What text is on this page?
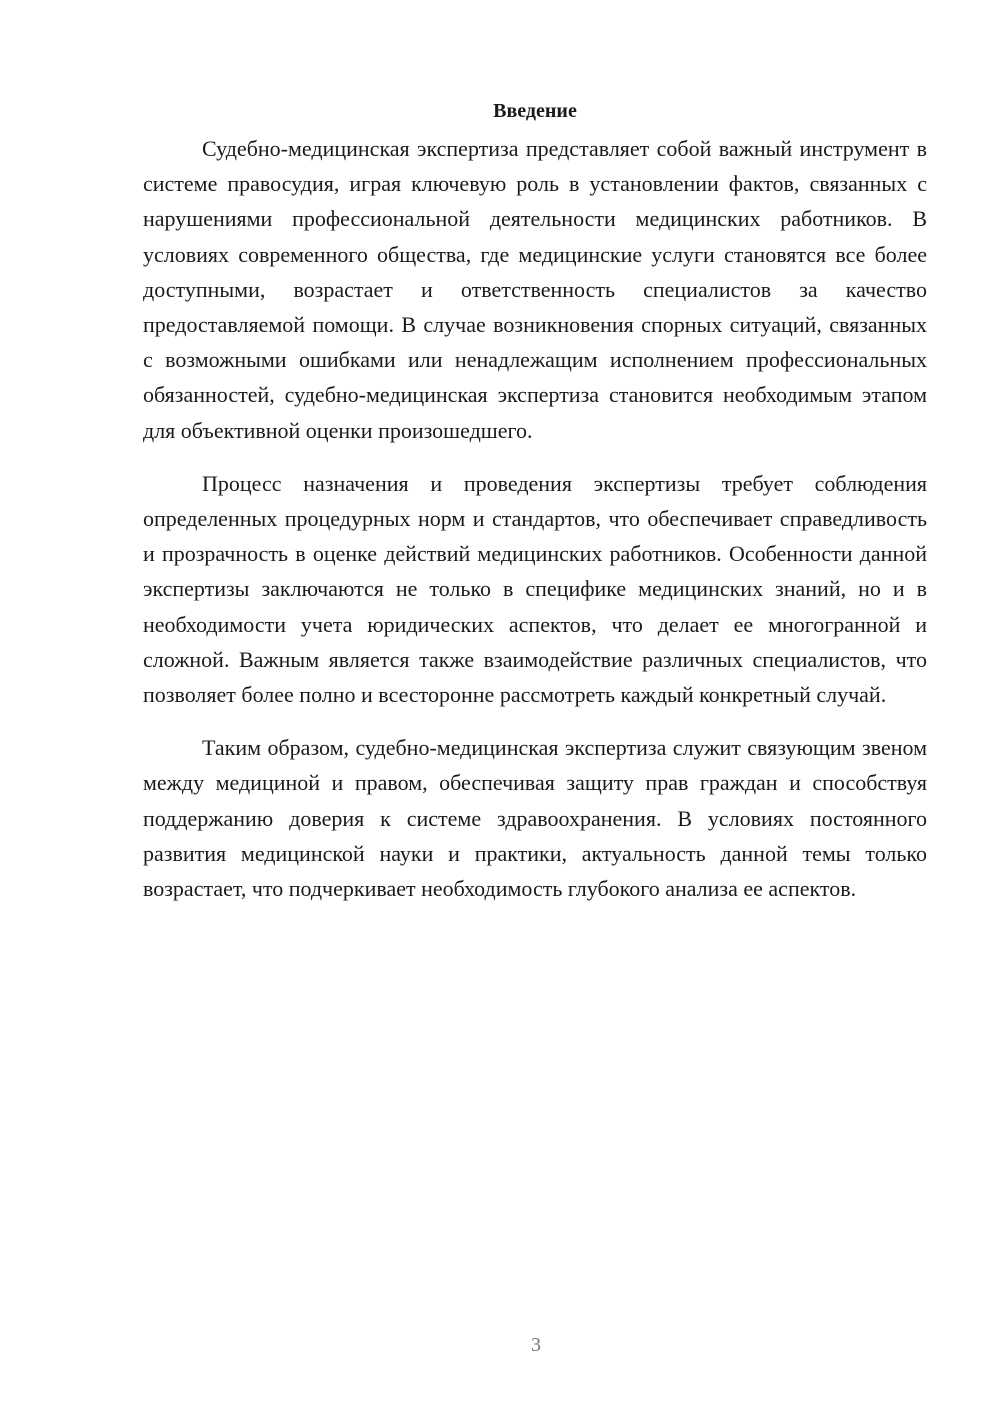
Введение

Судебно-медицинская экспертиза представляет собой важный инструмент в системе правосудия, играя ключевую роль в установлении фактов, связанных с нарушениями профессиональной деятельности медицинских работников. В условиях современного общества, где медицинские услуги становятся все более доступными, возрастает и ответственность специалистов за качество предоставляемой помощи. В случае возникновения спорных ситуаций, связанных с возможными ошибками или ненадлежащим исполнением профессиональных обязанностей, судебно-медицинская экспертиза становится необходимым этапом для объективной оценки произошедшего.

Процесс назначения и проведения экспертизы требует соблюдения определенных процедурных норм и стандартов, что обеспечивает справедливость и прозрачность в оценке действий медицинских работников. Особенности данной экспертизы заключаются не только в специфике медицинских знаний, но и в необходимости учета юридических аспектов, что делает ее многогранной и сложной. Важным является также взаимодействие различных специалистов, что позволяет более полно и всесторонне рассмотреть каждый конкретный случай.

Таким образом, судебно-медицинская экспертиза служит связующим звеном между медициной и правом, обеспечивая защиту прав граждан и способствуя поддержанию доверия к системе здравоохранения. В условиях постоянного развития медицинской науки и практики, актуальность данной темы только возрастает, что подчеркивает необходимость глубокого анализа ее аспектов.

3
